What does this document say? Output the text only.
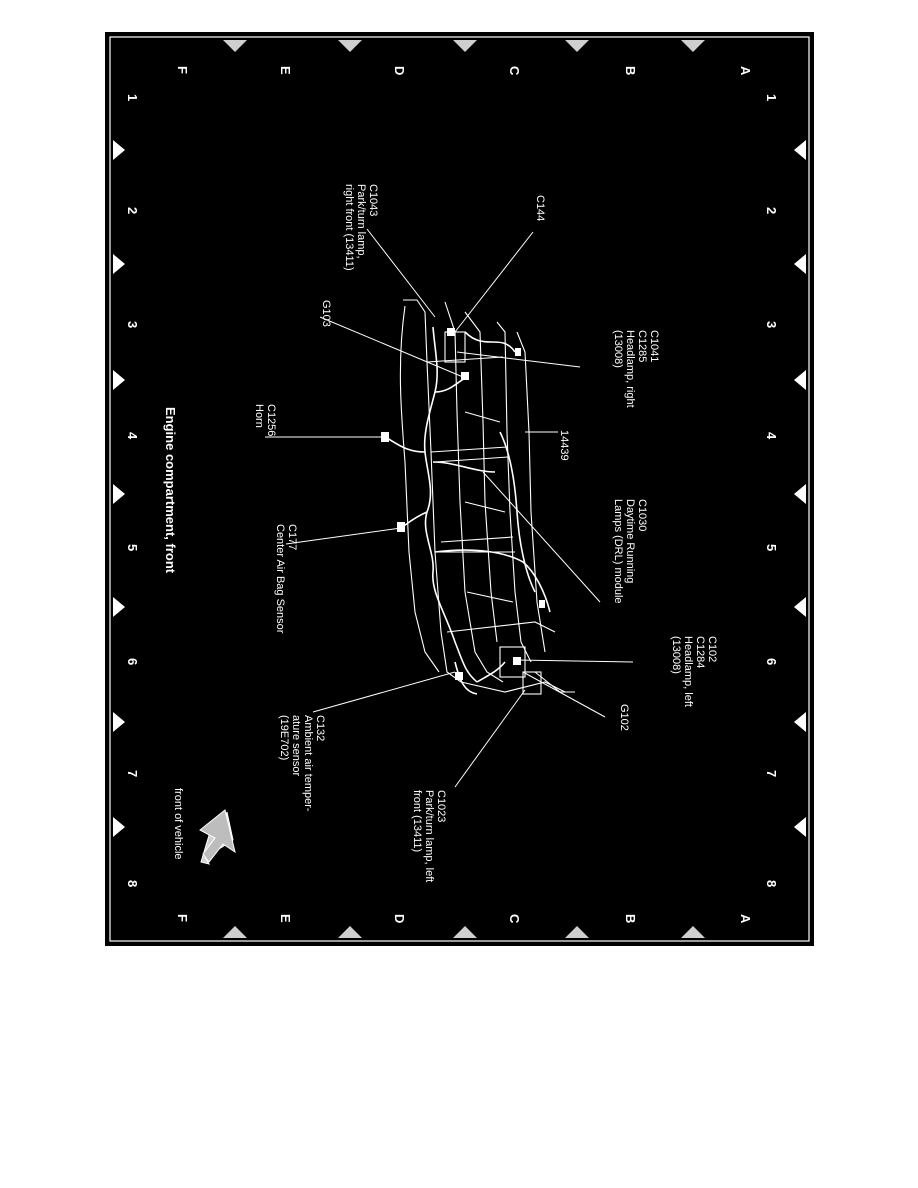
A
B
C
D
E
F
A
B
C
D
E
F
1
2
3
4
5
6
7
8
1
2
3
4
5
6
7
8
C1043
Park/turn lamp,
right front (13411)	C144
G103
C1041
C1285
Headlamp, right
(13008)
C1256
Horn
14439
C1030
Daytime Running
Lamps (DRL) module
C177
Center Air Bag Sensor
C102
C1284
Headlamp, left
(13008)
G102
C132
Ambient air temper-
ature sensor
(19E702)
C1023
Park/turn lamp, left
front (13411)
Engine compartment, front
front of vehicle
